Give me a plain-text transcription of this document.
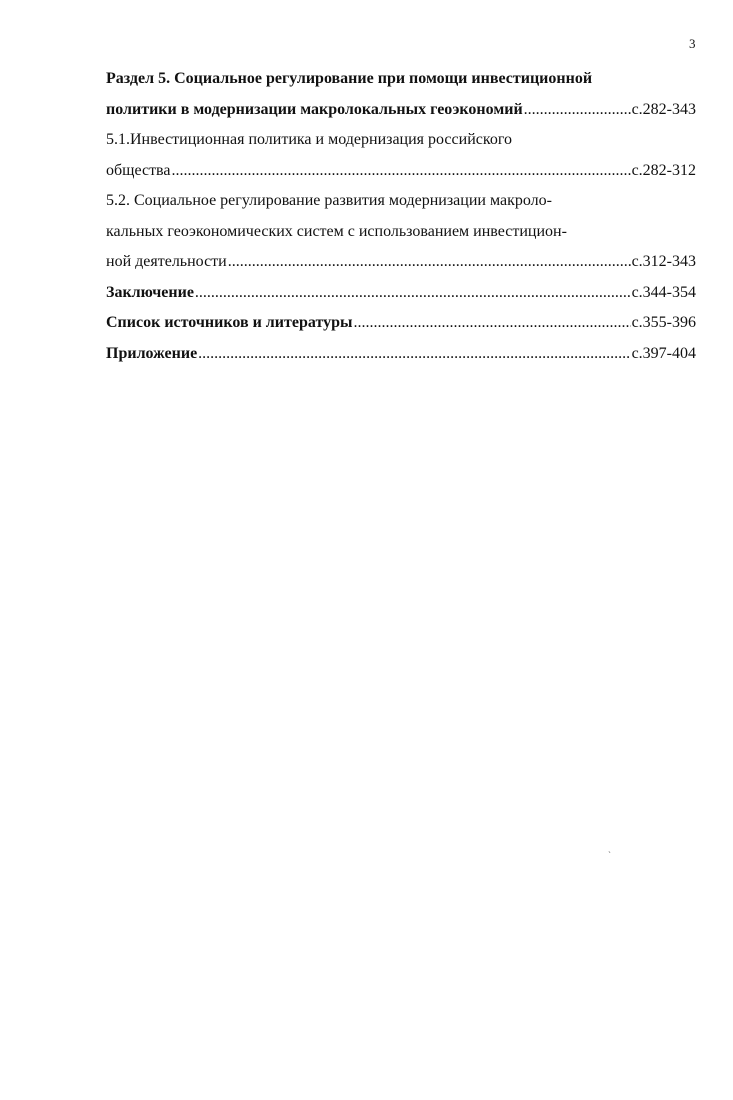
3
Раздел 5. Социальное регулирование при помощи инвестиционной
политики в модернизации макролокальных геоэкономий .....	с.282-343
5.1.Инвестиционная политика и модернизация российского
общества .....	с.282-312
5.2. Социальное регулирование развития модернизации макроло-
кальных геоэкономических систем с использованием инвестицион-
ной деятельности .....	с.312-343
Заключение .....	с.344-354
Список источников и литературы .....	с.355-396
Приложение .....	с.397-404
`
